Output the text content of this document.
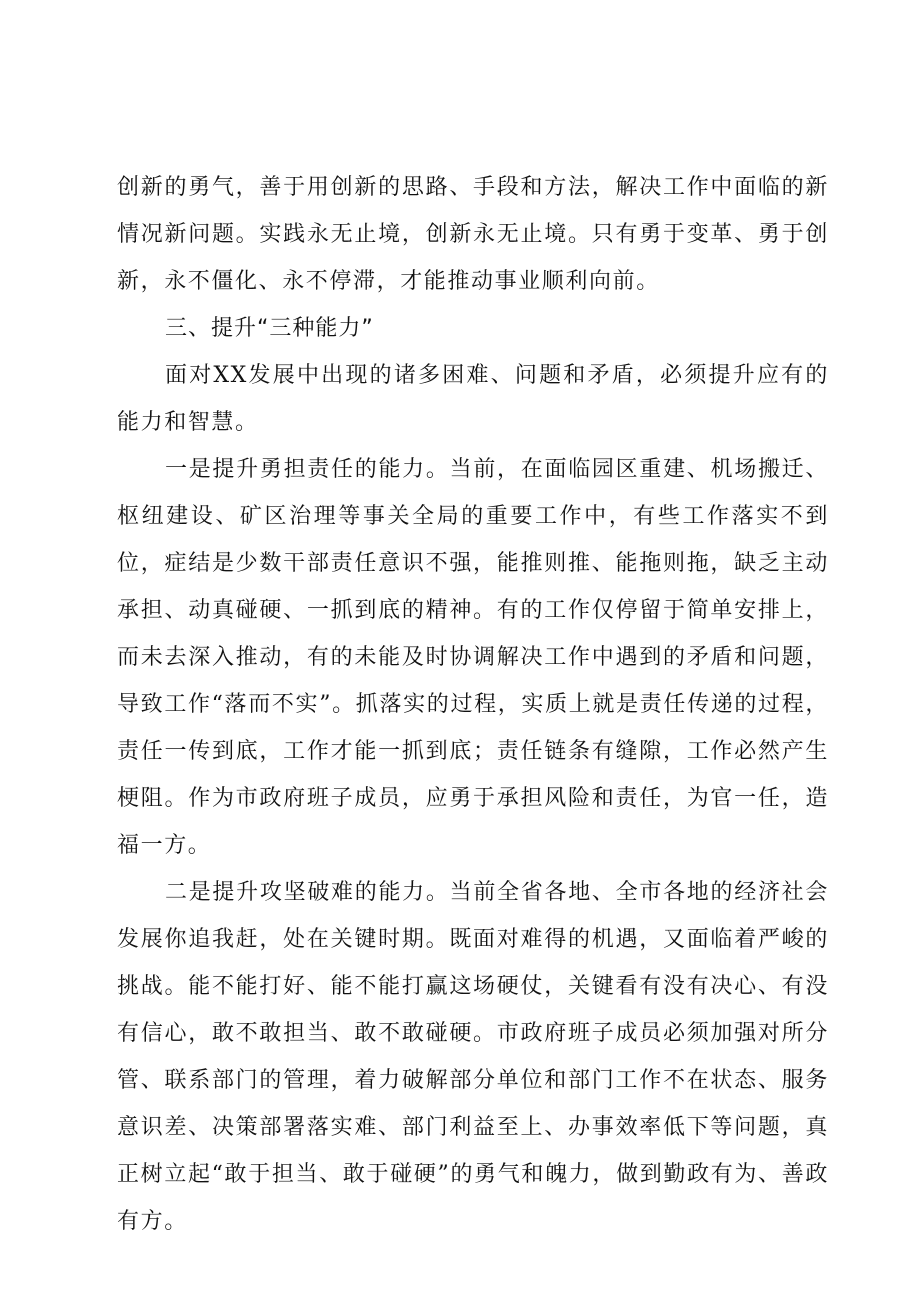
创新的勇气，善于用创新的思路、手段和方法，解决工作中面临的新情况新问题。实践永无止境，创新永无止境。只有勇于变革、勇于创新，永不僵化、永不停滞，才能推动事业顺利向前。

三、提升“三种能力”

面对XX发展中出现的诸多困难、问题和矛盾，必须提升应有的能力和智慧。

一是提升勇担责任的能力。当前，在面临园区重建、机场搬迁、枢纽建设、矿区治理等事关全局的重要工作中，有些工作落实不到位，症结是少数干部责任意识不强，能推则推、能拖则拖，缺乏主动承担、动真碰硬、一抓到底的精神。有的工作仅停留于简单安排上，而未去深入推动，有的未能及时协调解决工作中遇到的矛盾和问题，导致工作“落而不实”。抓落实的过程，实质上就是责任传递的过程，责任一传到底，工作才能一抓到底；责任链条有缝隙，工作必然产生梗阻。作为市政府班子成员，应勇于承担风险和责任，为官一任，造福一方。

二是提升攻坚破难的能力。当前全省各地、全市各地的经济社会发展你追我赶，处在关键时期。既面对难得的机遇，又面临着严峻的挑战。能不能打好、能不能打赢这场硬仗，关键看有没有决心、有没有信心，敢不敢担当、敢不敢碰硬。市政府班子成员必须加强对所分管、联系部门的管理，着力破解部分单位和部门工作不在状态、服务意识差、决策部署落实难、部门利益至上、办事效率低下等问题，真正树立起“敢于担当、敢于碰硬”的勇气和魄力，做到勤政有为、善政有方。
